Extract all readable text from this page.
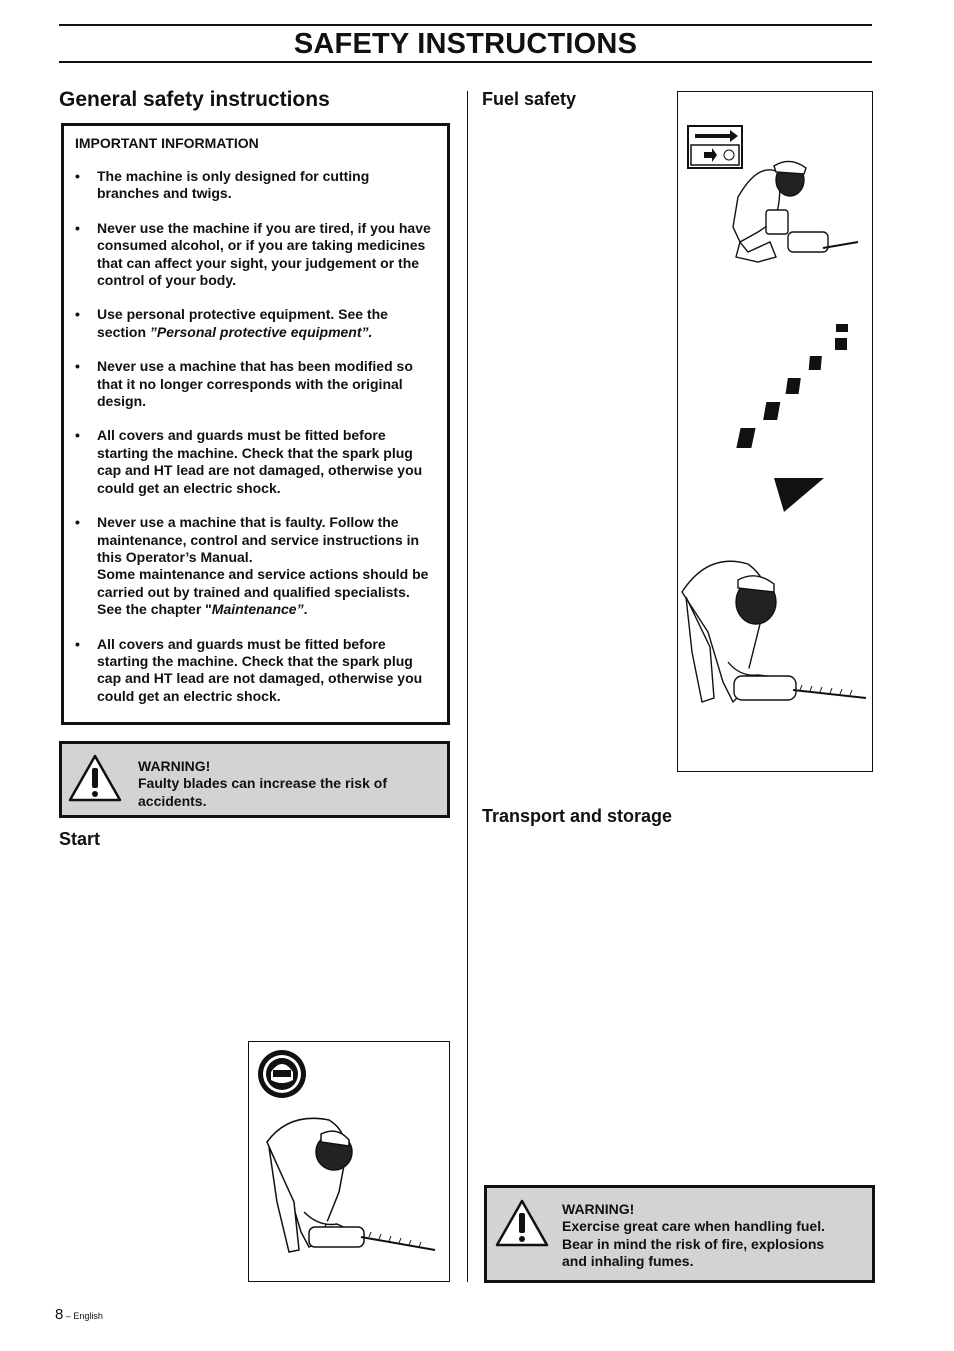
SAFETY INSTRUCTIONS
General safety instructions
IMPORTANT INFORMATION
• The machine is only designed for cutting branches and twigs.
• Never use the machine if you are tired, if you have consumed alcohol, or if you are taking medicines that can affect your sight, your judgement or the control of your body.
• Use personal protective equipment. See the section ”Personal protective equipment”.
• Never use a machine that has been modified so that it no longer corresponds with the original design.
• All covers and guards must be fitted before starting the machine. Check that the spark plug cap and HT lead are not damaged, otherwise you could get an electric shock.
• Never use a machine that is faulty. Follow the maintenance, control and service instructions in this Operator’s Manual.
Some maintenance and service actions should be carried out by trained and qualified specialists. See the chapter "Maintenance”.
• All covers and guards must be fitted before starting the machine. Check that the spark plug cap and HT lead are not damaged, otherwise you could get an electric shock.
WARNING!
Faulty blades can increase the risk of accidents.
Start
Fuel safety
Transport and storage
WARNING!
Exercise great care when handling fuel. Bear in mind the risk of fire, explosions and inhaling fumes.
8 – English
